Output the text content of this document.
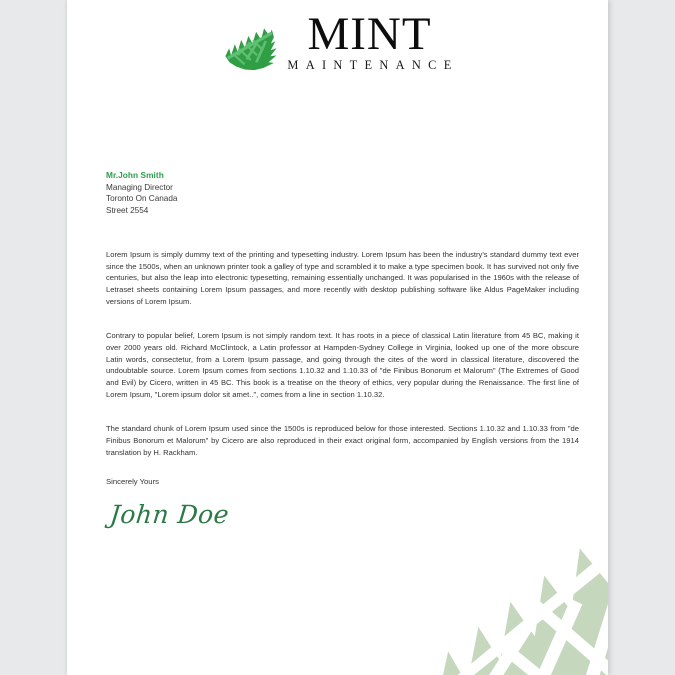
MINT
MAINTENANCE
Mr.John Smith
Managing Director
Toronto On Canada
Street 2554

Lorem Ipsum is simply dummy text of the printing and typesetting industry. Lorem Ipsum has been the industry's standard dummy text ever since the 1500s, when an unknown printer took a galley of type and scrambled it to make a type specimen book. It has survived not only five centuries, but also the leap into electronic typesetting, remaining essentially unchanged. It was popularised in the 1960s with the release of Letraset sheets containing Lorem Ipsum passages, and more recently with desktop publishing software like Aldus PageMaker including versions of Lorem Ipsum.

Contrary to popular belief, Lorem Ipsum is not simply random text. It has roots in a piece of classical Latin literature from 45 BC, making it over 2000 years old. Richard McClintock, a Latin professor at Hampden-Sydney College in Virginia, looked up one of the more obscure Latin words, consectetur, from a Lorem Ipsum passage, and going through the cites of the word in classical literature, discovered the undoubtable source. Lorem Ipsum comes from sections 1.10.32 and 1.10.33 of "de Finibus Bonorum et Malorum" (The Extremes of Good and Evil) by Cicero, written in 45 BC. This book is a treatise on the theory of ethics, very popular during the Renaissance. The first line of Lorem Ipsum, "Lorem ipsum dolor sit amet..", comes from a line in section 1.10.32.

The standard chunk of Lorem Ipsum used since the 1500s is reproduced below for those interested. Sections 1.10.32 and 1.10.33 from "de Finibus Bonorum et Malorum" by Cicero are also reproduced in their exact original form, accompanied by English versions from the 1914 translation by H. Rackham.

Sincerely Yours
John Doe
